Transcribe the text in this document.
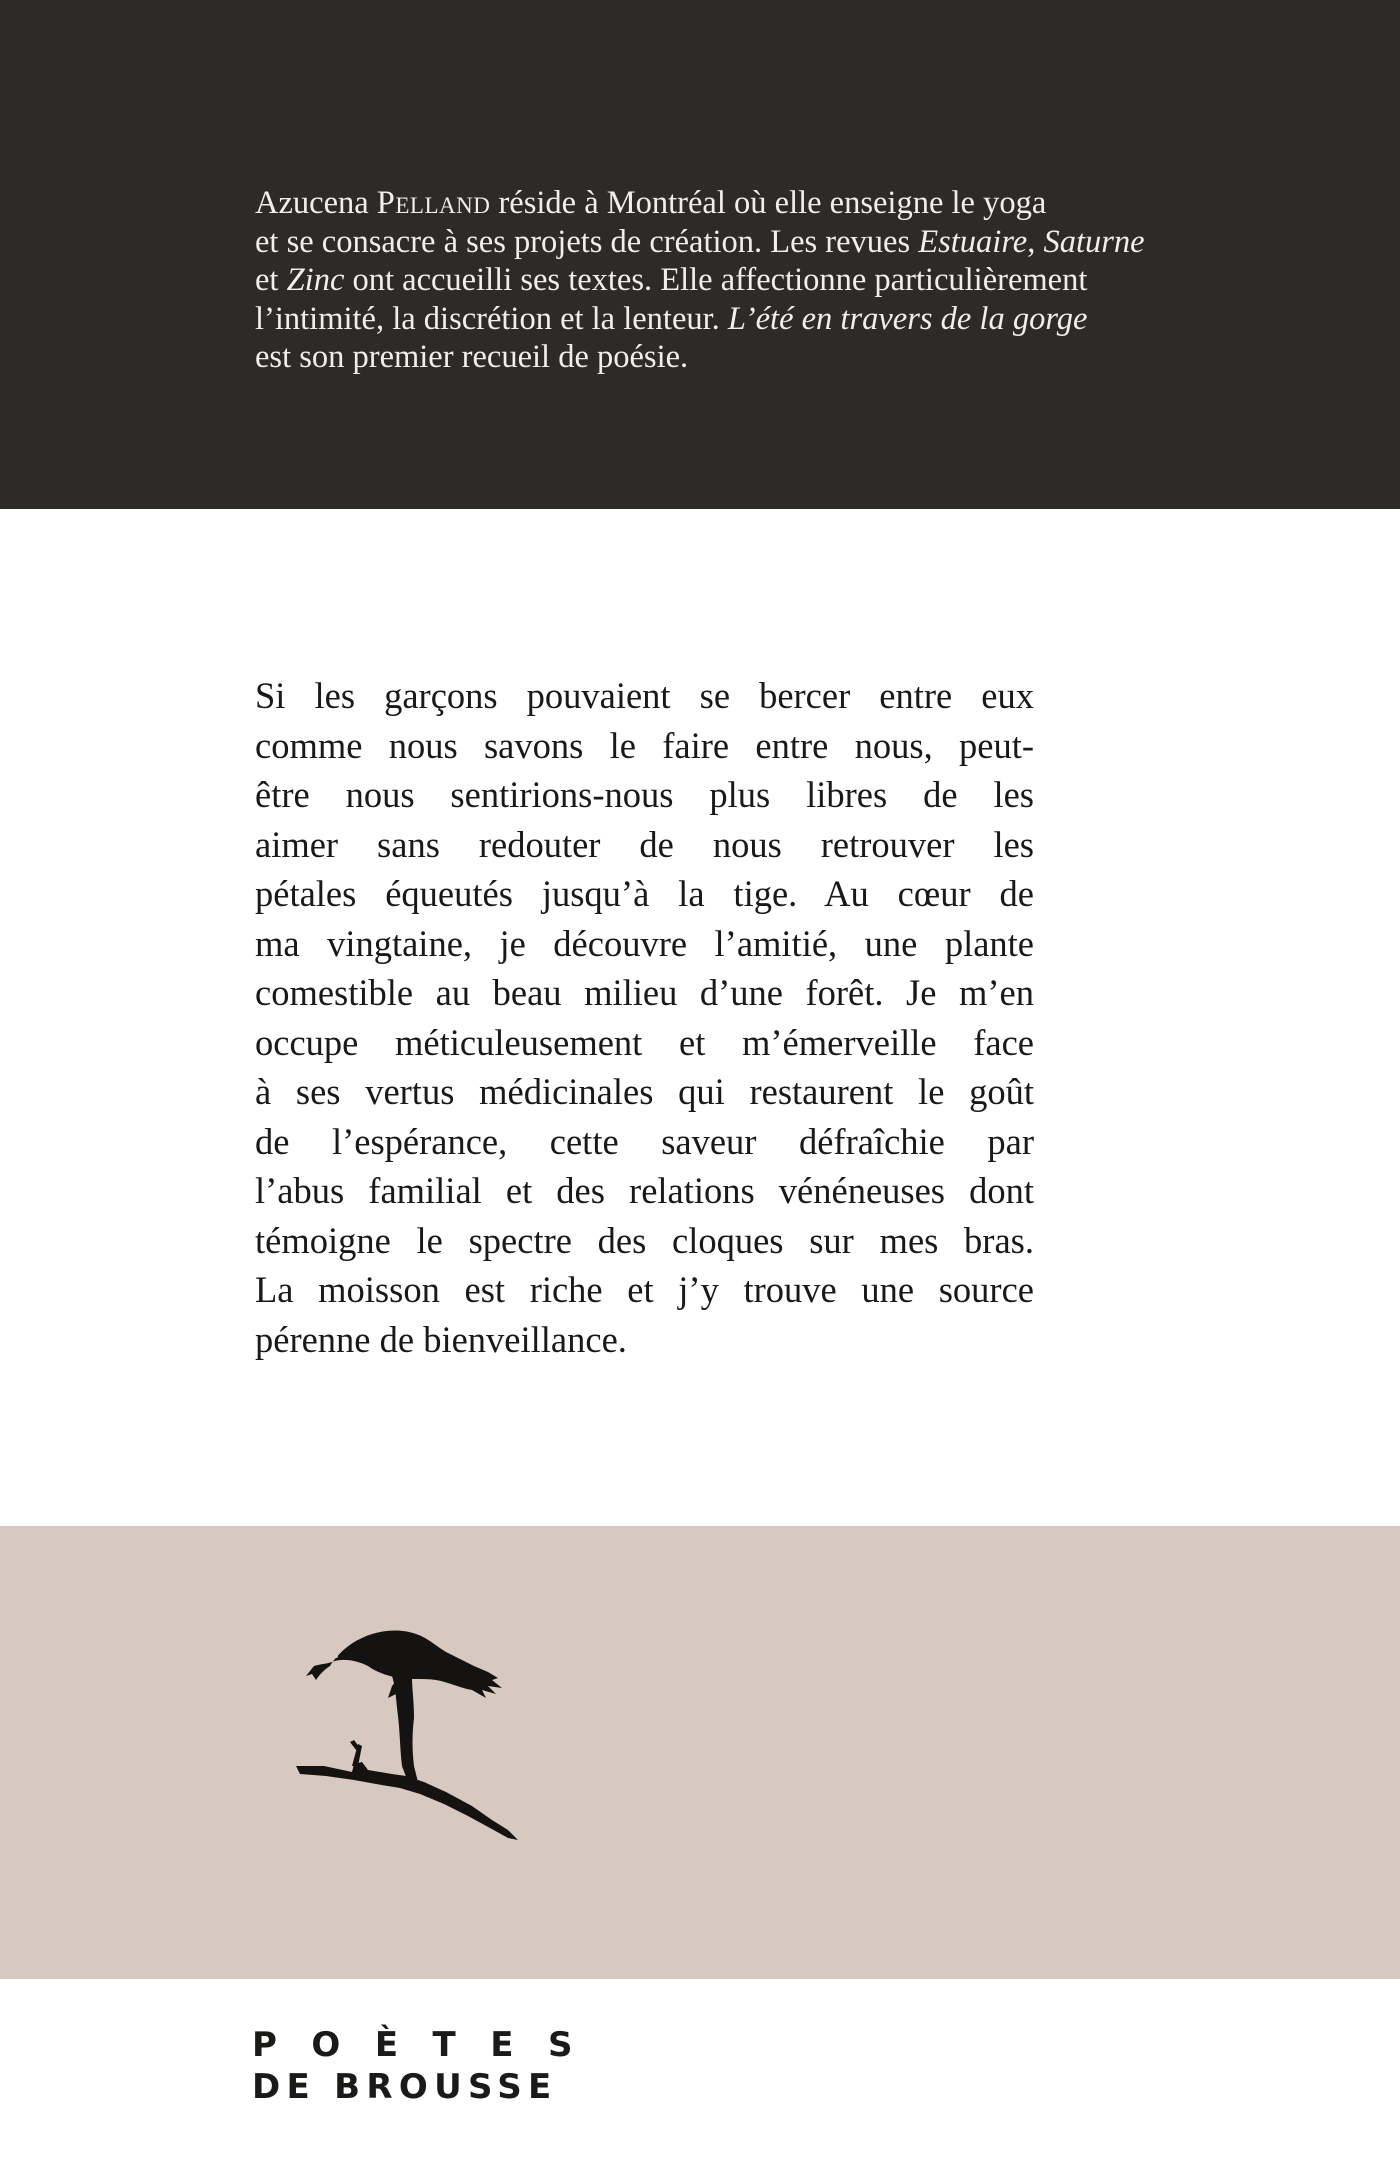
Azucena Pelland réside à Montréal où elle enseigne le yoga
et se consacre à ses projets de création. Les revues Estuaire, Saturne
et Zinc ont accueilli ses textes. Elle affectionne particulièrement
l’intimité, la discrétion et la lenteur. L’été en travers de la gorge
est son premier recueil de poésie.
Si les garçons pouvaient se bercer entre eux
comme nous savons le faire entre nous, peut-
être nous sentirions-nous plus libres de les
aimer sans redouter de nous retrouver les
pétales équeutés jusqu’à la tige. Au cœur de
ma vingtaine, je découvre l’amitié, une plante
comestible au beau milieu d’une forêt. Je m’en
occupe méticuleusement et m’émerveille face
à ses vertus médicinales qui restaurent le goût
de l’espérance, cette saveur défraîchie par
l’abus familial et des relations vénéneuses dont
témoigne le spectre des cloques sur mes bras.
La moisson est riche et j’y trouve une source
pérenne de bienveillance.
POÈTES
DE BROUSSE
